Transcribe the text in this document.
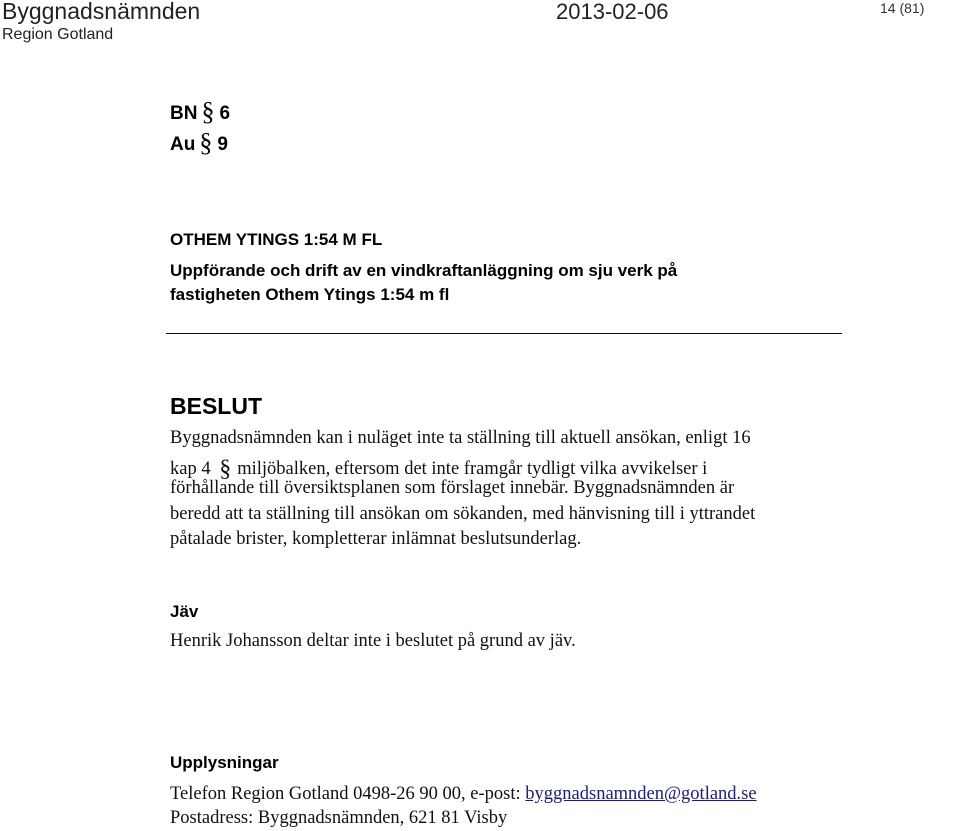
Byggnadsnämnden
Region Gotland
2013-02-06	14 (81)
BN § 6
Au § 9
OTHEM YTINGS 1:54 M FL
Uppförande och drift av en vindkraftanläggning om sju verk på
fastigheten Othem Ytings 1:54 m fl
BESLUT
Byggnadsnämnden kan i nuläget inte ta ställning till aktuell ansökan, enligt 16
kap 4 § miljöbalken, eftersom det inte framgår tydligt vilka avvikelser i
förhållande till översiktsplanen som förslaget innebär. Byggnadsnämnden är
beredd att ta ställning till ansökan om sökanden, med hänvisning till i yttrandet
påtalade brister, kompletterar inlämnat beslutsunderlag.
Jäv
Henrik Johansson deltar inte i beslutet på grund av jäv.
Upplysningar
Telefon Region Gotland 0498-26 90 00, e-post: byggnadsnamnden@gotland.se
Postadress: Byggnadsnämnden, 621 81 Visby
